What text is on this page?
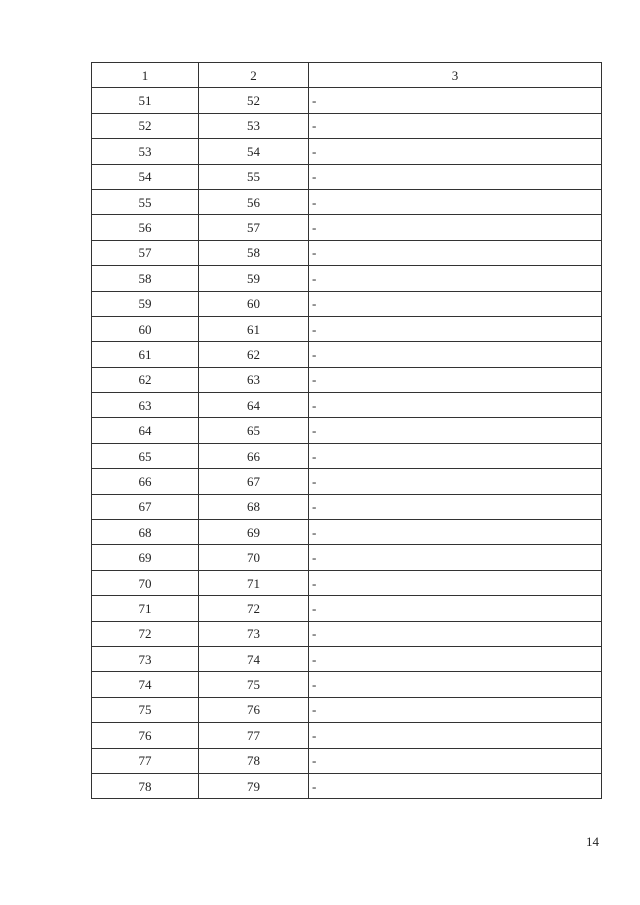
1	2	3
51	52	-
52	53	-
53	54	-
54	55	-
55	56	-
56	57	-
57	58	-
58	59	-
59	60	-
60	61	-
61	62	-
62	63	-
63	64	-
64	65	-
65	66	-
66	67	-
67	68	-
68	69	-
69	70	-
70	71	-
71	72	-
72	73	-
73	74	-
74	75	-
75	76	-
76	77	-
77	78	-
78	79	-
14
